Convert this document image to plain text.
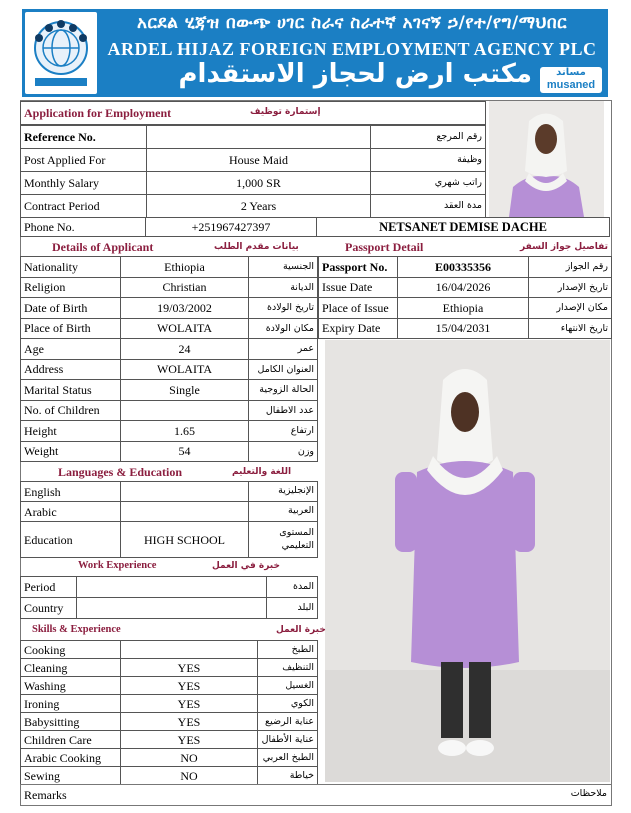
አርደል ሂጃዝ በውጭ ሀገር ስራና ስራተኛ አገናኝ ኃ/የተ/የግ/ማህበር
ARDEL HIJAZ FOREIGN EMPLOYMENT AGENCY PLC
مكتب ارض لحجاز الاستقدام	مساند
musaned
Application for Employment	إستمارة توظيف
Reference No.	رقم المرجع
Post Applied For	House Maid	وظيفة
Monthly Salary	1,000 SR	راتب شهري
Contract Period	2 Years	مدة العقد
Phone No.	+251967427397	NETSANET DEMISE DACHE
Details of Applicant	بيانات مقدم الطلب	Passport Detail	تفاصيل جواز السفر
Nationality	Ethiopia	الجنسية
Religion	Christian	الديانة
Date of Birth	19/03/2002	تاريخ الولادة
Place of Birth	WOLAITA	مكان الولادة
Age	24	عمر
Address	WOLAITA	العنوان الكامل
Marital Status	Single	الحالة الزوجية
No. of Children	عدد الاطفال
Height	1.65	ارتفاع
Weight	54	وزن
Passport No.	E00335356	رقم الجواز
Issue Date	16/04/2026	تاريخ الإصدار
Place of Issue	Ethiopia	مكان الإصدار
Expiry Date	15/04/2031	تاريخ الانتهاء
Languages & Education	اللغة والتعليم
English	الإنجليزية
Arabic	العربية
Education	HIGH SCHOOL	المستوى التعليمي
Work Experience	خبرة في العمل
Period	المدة
Country	البلد
Skills & Experience	خبرة العمل
Cooking	الطبخ
Cleaning	YES	التنظيف
Washing	YES	الغسيل
Ironing	YES	الكوي
Babysitting	YES	عناية الرضيع
Children Care	YES	عناية الأطفال
Arabic Cooking	NO	الطبخ العربي
Sewing	NO	خياطة
Remarks	ملاحظات
